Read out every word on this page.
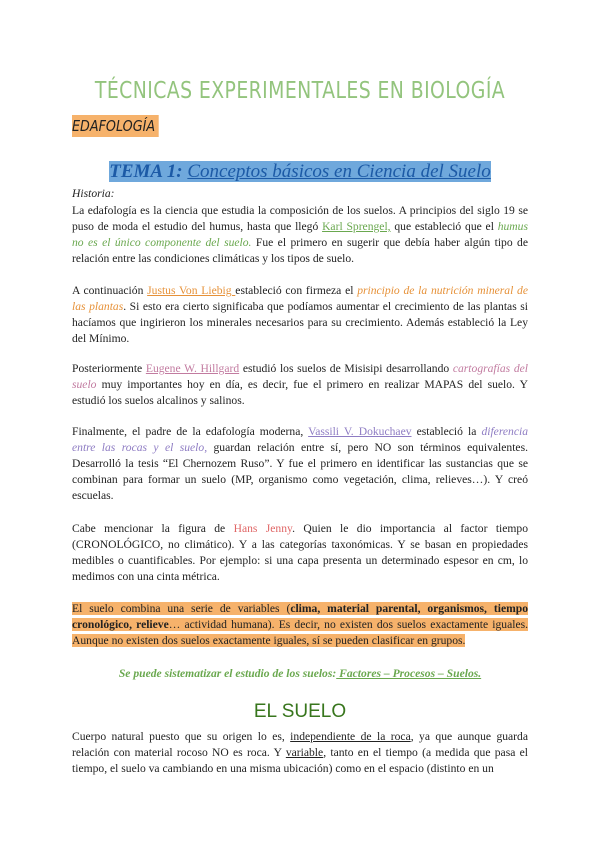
TÉCNICAS EXPERIMENTALES EN BIOLOGÍA
EDAFOLOGÍA
TEMA 1: Conceptos básicos en Ciencia del Suelo
Historia:
La edafología es la ciencia que estudia la composición de los suelos. A principios del siglo 19 se puso de moda el estudio del humus, hasta que llegó Karl Sprengel, que estableció que el humus no es el único componente del suelo. Fue el primero en sugerir que debía haber algún tipo de relación entre las condiciones climáticas y los tipos de suelo.
A continuación Justus Von Liebig estableció con firmeza el principio de la nutrición mineral de las plantas. Si esto era cierto significaba que podíamos aumentar el crecimiento de las plantas si hacíamos que ingirieron los minerales necesarios para su crecimiento. Además estableció la Ley del Mínimo.
Posteriormente Eugene W. Hillgard estudió los suelos de Misisipi desarrollando cartografías del suelo muy importantes hoy en día, es decir, fue el primero en realizar MAPAS del suelo. Y estudió los suelos alcalinos y salinos.
Finalmente, el padre de la edafología moderna, Vassili V. Dokuchaev estableció la diferencia entre las rocas y el suelo, guardan relación entre sí, pero NO son términos equivalentes. Desarrolló la tesis “El Chernozem Ruso”. Y fue el primero en identificar las sustancias que se combinan para formar un suelo (MP, organismo como vegetación, clima, relieves…). Y creó escuelas.
Cabe mencionar la figura de Hans Jenny. Quien le dio importancia al factor tiempo (CRONOLÓGICO, no climático). Y a las categorías taxonómicas. Y se basan en propiedades medibles o cuantificables. Por ejemplo: si una capa presenta un determinado espesor en cm, lo medimos con una cinta métrica.
El suelo combina una serie de variables (clima, material parental, organismos, tiempo cronológico, relieve… actividad humana). Es decir, no existen dos suelos exactamente iguales. Aunque no existen dos suelos exactamente iguales, sí se pueden clasificar en grupos.
Se puede sistematizar el estudio de los suelos: Factores – Procesos – Suelos.
EL SUELO
Cuerpo natural puesto que su origen lo es, independiente de la roca, ya que aunque guarda relación con material rocoso NO es roca. Y variable, tanto en el tiempo (a medida que pasa el tiempo, el suelo va cambiando en una misma ubicación) como en el espacio (distinto en un
